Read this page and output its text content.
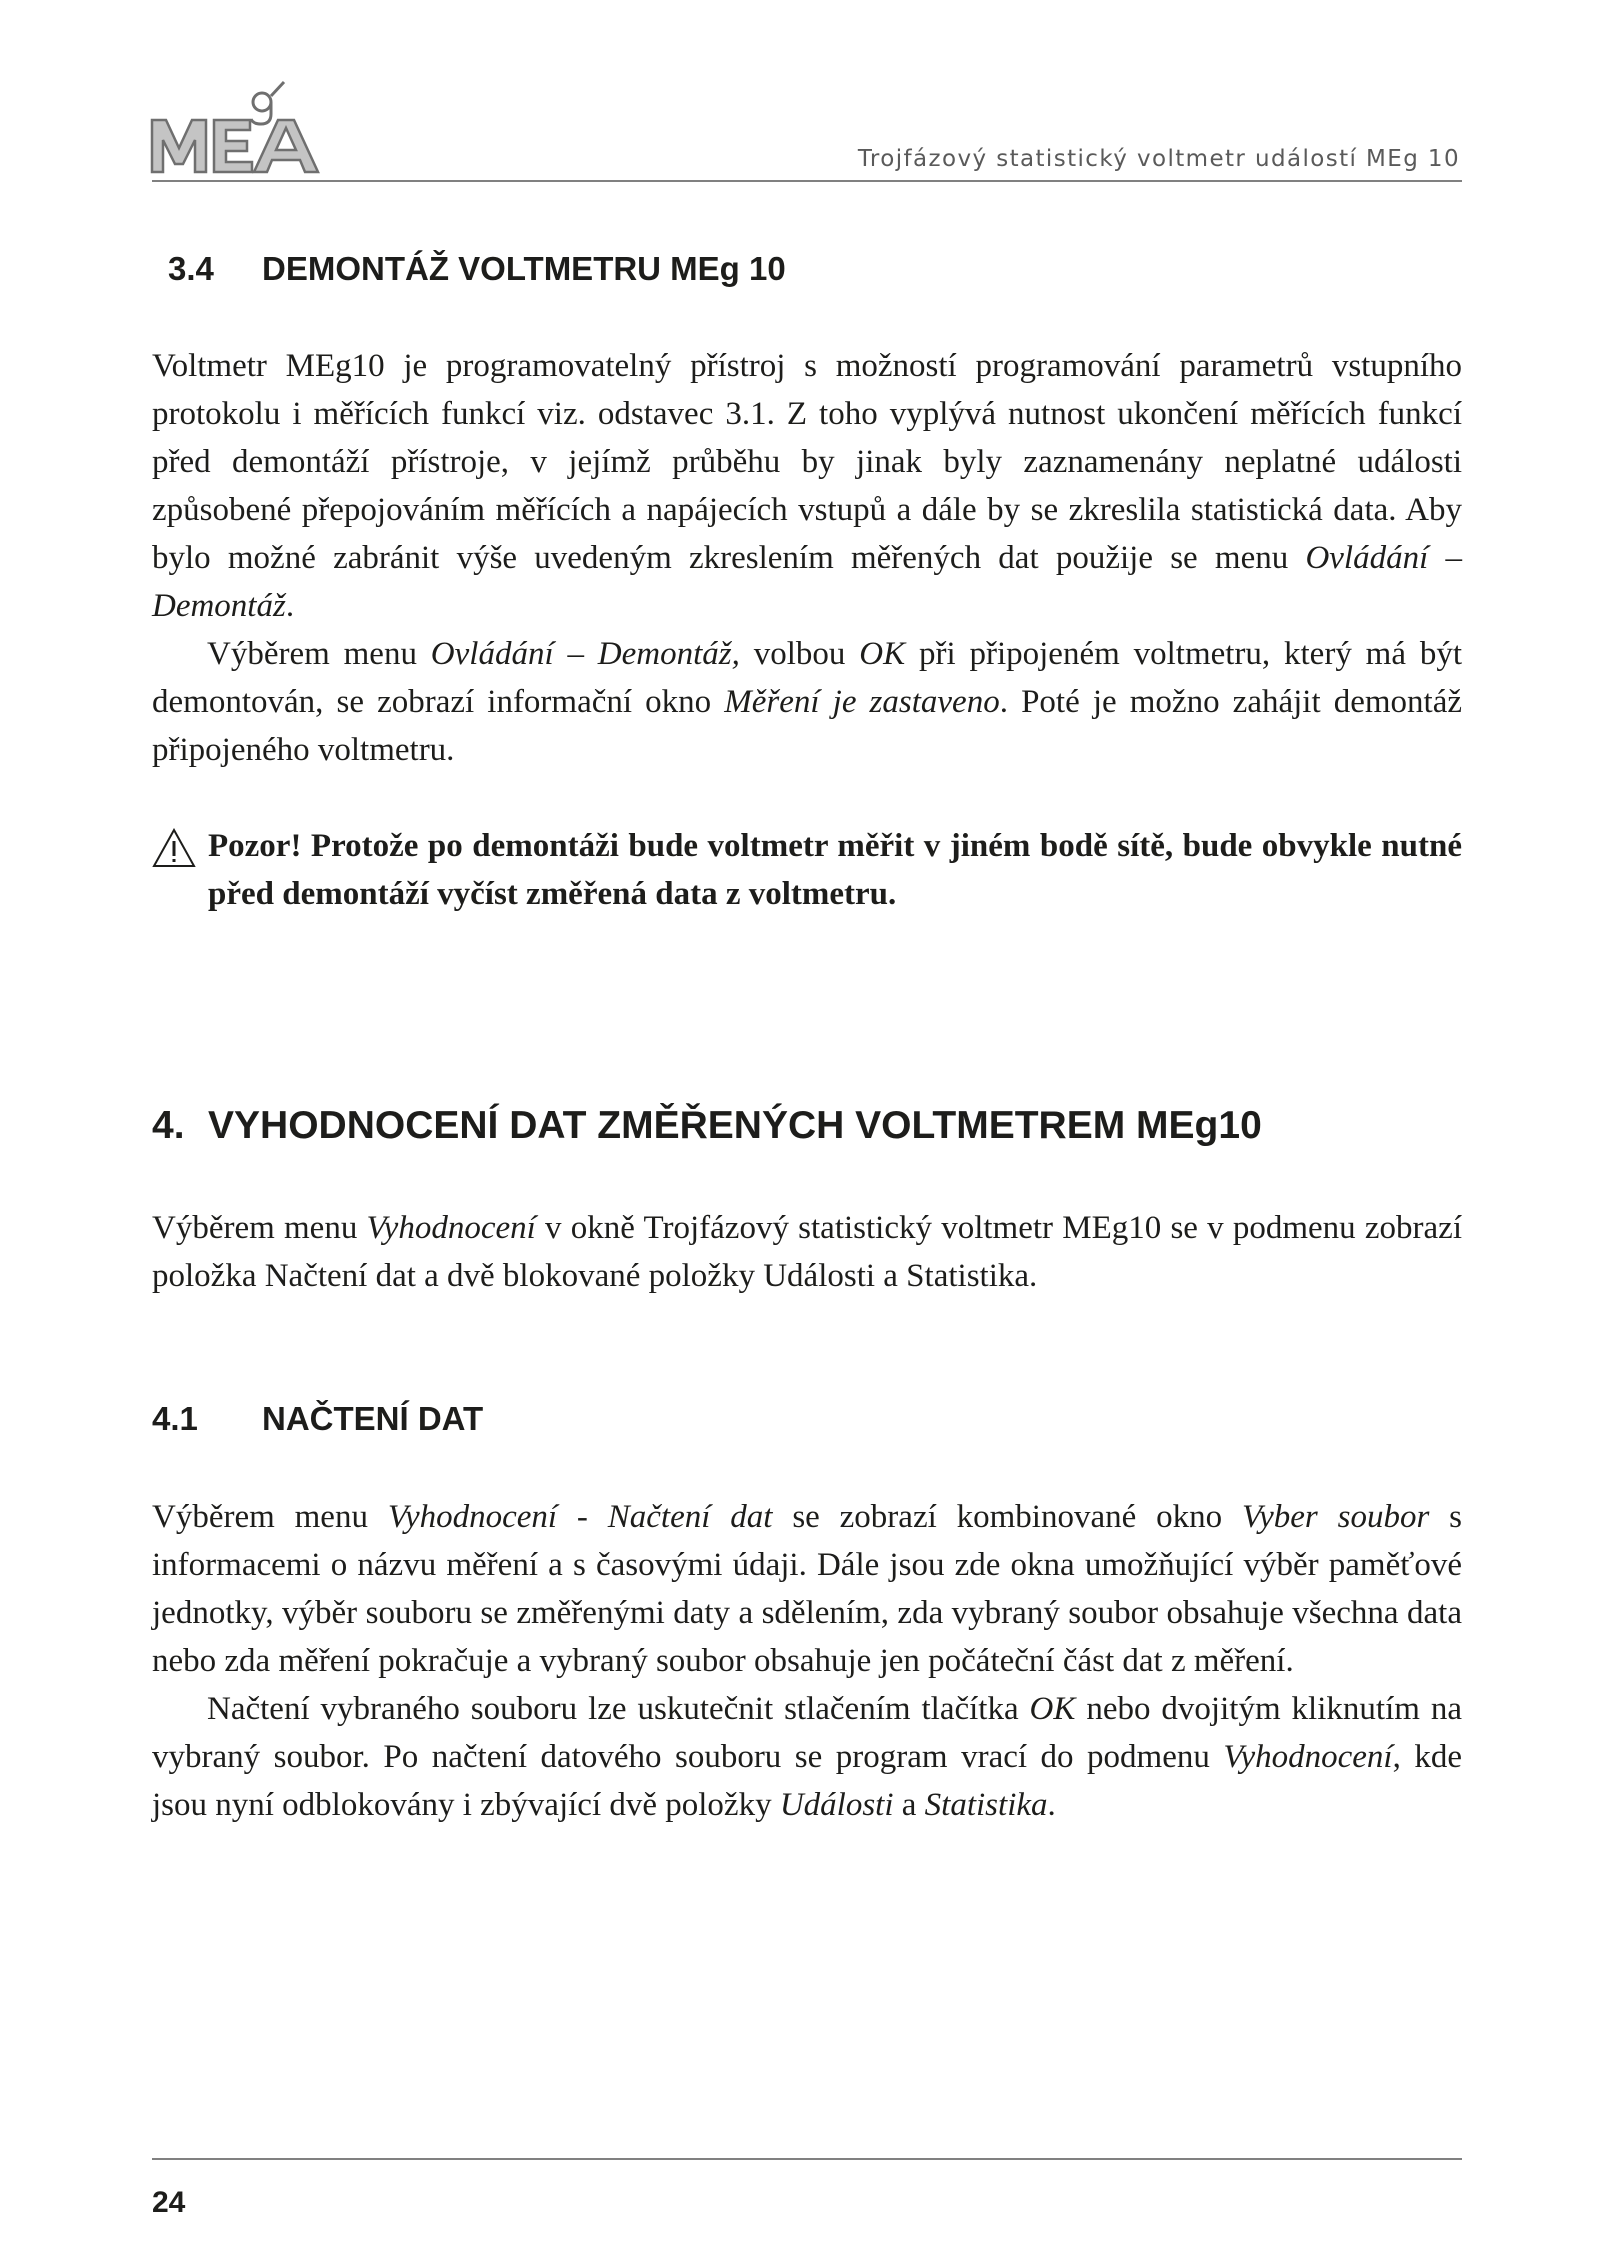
MEg
Trojfázový statistický voltmetr událostí MEg 10
3.4 DEMONTÁŽ VOLTMETRU MEg 10

Voltmetr MEg10 je programovatelný přístroj s možností programování parametrů vstupního protokolu i měřících funkcí viz. odstavec 3.1. Z toho vyplývá nutnost ukončení měřících funkcí před demontáží přístroje, v jejímž průběhu by jinak byly zaznamenány neplatné události způsobené přepojováním měřících a napájecích vstupů a dále by se zkreslila statistická data. Aby bylo možné zabránit výše uvedeným zkreslením měřených dat použije se menu Ovládání – Demontáž.

Výběrem menu Ovládání – Demontáž, volbou OK při připojeném voltmetru, který má být demontován, se zobrazí informační okno Měření je zastaveno. Poté je možno zahájit demontáž připojeného voltmetru.

Pozor! Protože po demontáži bude voltmetr měřit v jiném bodě sítě, bude obvykle nutné před demontáží vyčíst změřená data z voltmetru.
4. VYHODNOCENÍ DAT ZMĚŘENÝCH VOLTMETREM MEg10

Výběrem menu Vyhodnocení v okně Trojfázový statistický voltmetr MEg10 se v podmenu zobrazí položka Načtení dat a dvě blokované položky Události a Statistika.

4.1 NAČTENÍ DAT

Výběrem menu Vyhodnocení - Načtení dat se zobrazí kombinované okno Vyber soubor s informacemi o názvu měření a s časovými údaji. Dále jsou zde okna umožňující výběr paměťové jednotky, výběr souboru se změřenými daty a sdělením, zda vybraný soubor obsahuje všechna data nebo zda měření pokračuje a vybraný soubor obsahuje jen počáteční část dat z měření.

Načtení vybraného souboru lze uskutečnit stlačením tlačítka OK nebo dvojitým kliknutím na vybraný soubor. Po načtení datového souboru se program vrací do podmenu Vyhodnocení, kde jsou nyní odblokovány i zbývající dvě položky Události a Statistika.

24
